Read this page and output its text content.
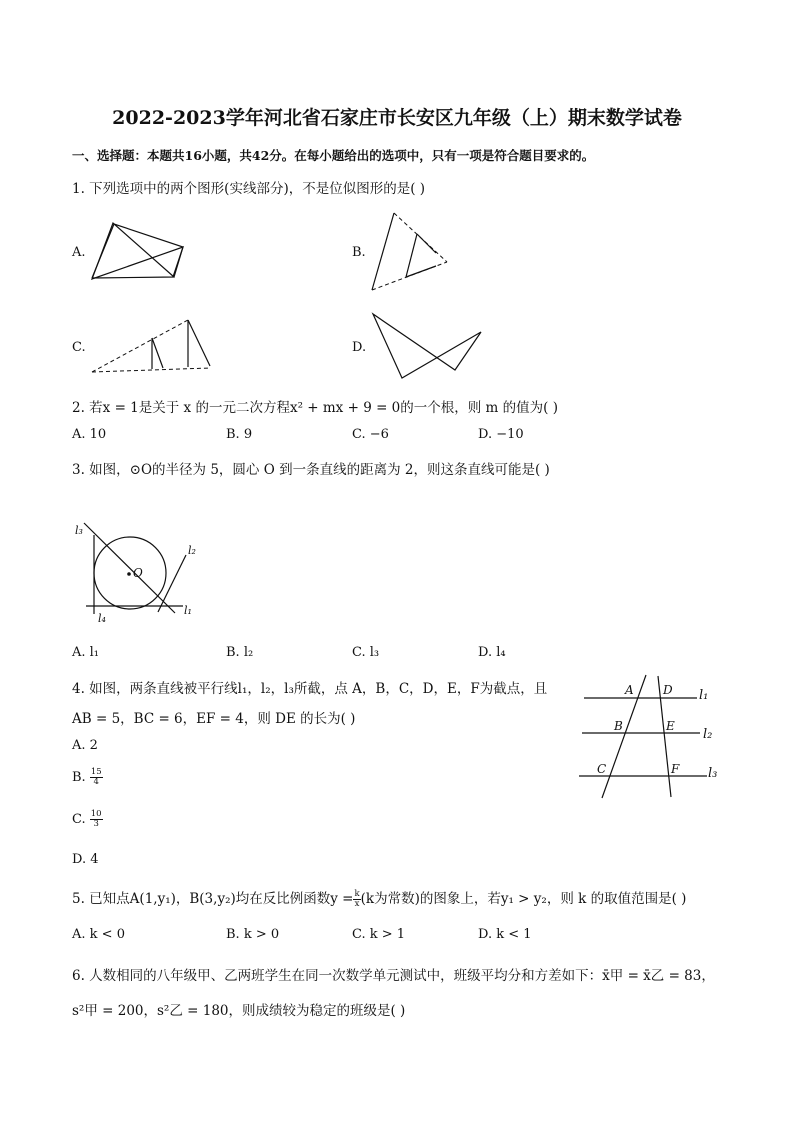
2022-2023学年河北省石家庄市长安区九年级（上）期末数学试卷
一、选择题：本题共16小题，共42分。在每小题给出的选项中，只有一项是符合题目要求的。
1. 下列选项中的两个图形(实线部分)，不是位似图形的是( )
A.	B.
C.	D.
2. 若x = 1是关于 x 的一元二次方程x² + mx + 9 = 0的一个根，则 m 的值为( )
A. 10	B. 9	C. −6	D. −10
3. 如图，⊙O的半径为 5，圆心 O 到一条直线的距离为 2，则这条直线可能是( )
l₃
l₂
l₁
l₄
O
A. l₁	B. l₂	C. l₃	D. l₄
4. 如图，两条直线被平行线l₁，l₂，l₃所截，点 A，B，C，D，E，F为截点，且
AB = 5，BC = 6，EF = 4，则 DE 的长为( )
A D l₁
B	E
l₂
C	F l₃
A. 2
B. $\frac{15}{4}$
C. $\frac{10}{3}$
D. 4
5. 已知点A(1,y₁)，B(3,y₂)均在反比例函数$y = \frac{k}{x} (k$为常数)的图象上，若y₁ > y₂，则 k 的取值范围是( )
A. k < 0	B. k > 0	C. k > 1	D. k < 1
6. 人数相同的八年级甲、乙两班学生在同一次数学单元测试中，班级平均分和方差如下：x̄甲 = x̄乙 = 83，
s²甲 = 200，s²乙 = 180，则成绩较为稳定的班级是( )
